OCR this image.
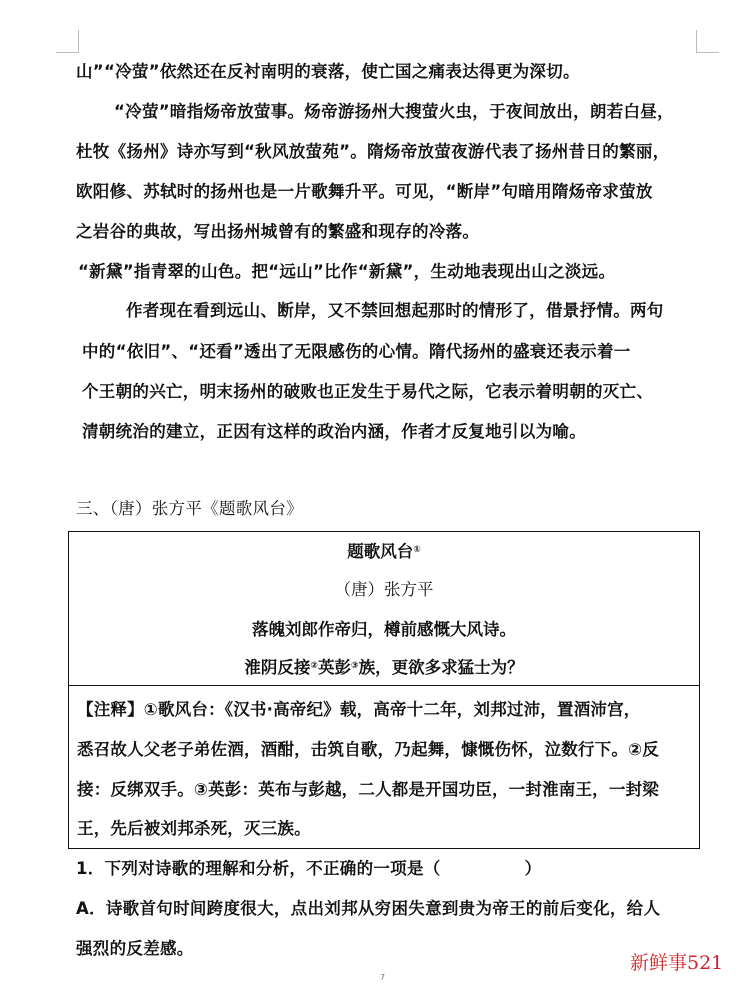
山”“冷萤”依然还在反衬南明的衰落，使亡国之痛表达得更为深切。
“冷萤”暗指炀帝放萤事。炀帝游扬州大搜萤火虫，于夜间放出，朗若白昼，
杜牧《扬州》诗亦写到“秋风放萤苑”。隋炀帝放萤夜游代表了扬州昔日的繁丽，
欧阳修、苏轼时的扬州也是一片歌舞升平。可见，“断岸”句暗用隋炀帝求萤放
之岩谷的典故，写出扬州城曾有的繁盛和现存的冷落。
“新黛”指青翠的山色。把“远山”比作“新黛”，生动地表现出山之淡远。
作者现在看到远山、断岸，又不禁回想起那时的情形了，借景抒情。两句
中的“依旧”、“还看”透出了无限感伤的心情。隋代扬州的盛衰还表示着一
个王朝的兴亡，明末扬州的破败也正发生于易代之际，它表示着明朝的灭亡、
清朝统治的建立，正因有这样的政治内涵，作者才反复地引以为喻。
三、（唐）张方平《题歌风台》
题歌风台①
（唐）张方平
落魄刘郎作帝归，樽前感慨大风诗。
淮阴反接②英彭③族，更欲多求猛士为？
【注释】①歌风台：《汉书·高帝纪》载，高帝十二年，刘邦过沛，置酒沛宫，
悉召故人父老子弟佐酒，酒酣，击筑自歌，乃起舞，慷慨伤怀，泣数行下。②反
接：反绑双手。③英彭：英布与彭越，二人都是开国功臣，一封淮南王，一封梁
王，先后被刘邦杀死，灭三族。
1．下列对诗歌的理解和分析，不正确的一项是（　　　　　）
A．诗歌首句时间跨度很大，点出刘邦从穷困失意到贵为帝王的前后变化，给人
强烈的反差感。
7
新鲜事521
